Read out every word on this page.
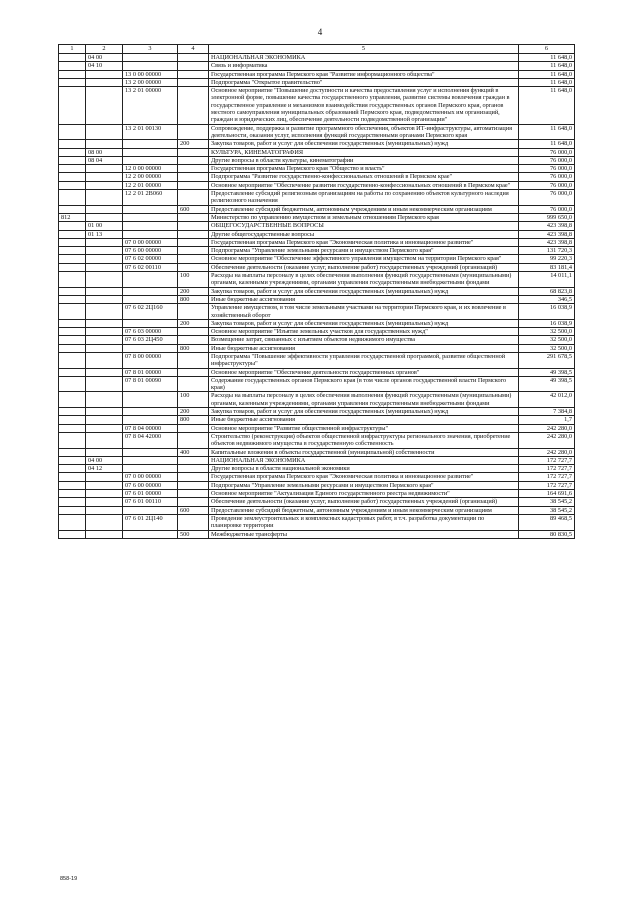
4
1	2	3	4	5	6
	04 00			НАЦИОНАЛЬНАЯ ЭКОНОМИКА	11 648,0
	04 10			Связь и информатика	11 648,0
		13 0 00 00000		Государственная программа Пермского края "Развитие информационного общества"	11 648,0
		13 2 00 00000		Подпрограмма "Открытое правительство"	11 648,0
		13 2 01 00000		Основное мероприятие "Повышение доступности и качества предоставления услуг и исполнения функций в электронной форме, повышение качества государственного управления, развитие системы вовлечения граждан в государственное управление и механизмов взаимодействия государственных органов Пермского края, органов местного самоуправления муниципальных образований Пермского края, подведомственных им организаций, граждан и юридических лиц, обеспечение деятельности подведомственной организации"	11 648,0
		13 2 01 00130		Сопровождение, поддержка и развитие программного обеспечения, объектов ИТ-инфраструктуры, автоматизация деятельности, оказания услуг, исполнения функций государственными органами Пермского края	11 648,0
			200	Закупка товаров, работ и услуг для обеспечения государственных (муниципальных) нужд	11 648,0
	08 00			КУЛЬТУРА, КИНЕМАТОГРАФИЯ	76 000,0
	08 04			Другие вопросы в области культуры, кинематографии	76 000,0
		12 0 00 00000		Государственная программа Пермского края "Общество и власть"	76 000,0
		12 2 00 00000		Подпрограмма "Развитие государственно-конфессиональных отношений в Пермском крае"	76 000,0
		12 2 01 00000		Основное мероприятие "Обеспечение развития государственно-конфессиональных отношений в Пермском крае"	76 000,0
		12 2 01 2В060		Предоставление субсидий религиозным организациям на работы по сохранению объектов культурного наследия религиозного назначения	76 000,0
			600	Предоставление субсидий бюджетным, автономным учреждениям и иным некоммерческим организациям	76 000,0
812				Министерство по управлению имуществом и земельным отношениям Пермского края	999 650,0
	01 00			ОБЩЕГОСУДАРСТВЕННЫЕ ВОПРОСЫ	423 398,8
	01 13			Другие общегосударственные вопросы	423 398,8
		07 0 00 00000		Государственная программа Пермского края "Экономическая политика и инновационное развитие"	423 398,8
		07 6 00 00000		Подпрограмма "Управление земельными ресурсами и имуществом Пермского края"	131 720,3
		07 6 02 00000		Основное мероприятие "Обеспечение эффективного управления имуществом на территории Пермского края"	99 220,3
		07 6 02 00110		Обеспечение деятельности (оказание услуг, выполнение работ) государственных учреждений (организаций)	83 181,4
			100	Расходы на выплаты персоналу в целях обеспечения выполнения функций государственными (муниципальными) органами, казенными учреждениями, органами управления государственными внебюджетными фондами	14 011,1
			200	Закупка товаров, работ и услуг для обеспечения государственных (муниципальных) нужд	68 823,8
			800	Иные бюджетные ассигнования	346,5
		07 6 02 2Ц160		Управление имуществом, в том числе земельными участками на территории Пермского края, и их вовлечение в хозяйственный оборот	16 038,9
			200	Закупка товаров, работ и услуг для обеспечения государственных (муниципальных) нужд	16 038,9
		07 6 03 00000		Основное мероприятие "Изъятие земельных участков для государственных нужд"	32 500,0
		07 6 03 2Ц450		Возмещение затрат, связанных с изъятием объектов недвижимого имущества	32 500,0
			800	Иные бюджетные ассигнования	32 500,0
		07 8 00 00000		Подпрограмма "Повышение эффективности управления государственной программой, развитие общественной инфраструктуры"	291 678,5
		07 8 01 00000		Основное мероприятие "Обеспечение деятельности государственных органов"	49 398,5
		07 8 01 00090		Содержание государственных органов Пермского края (в том числе органов государственной власти Пермского края)	49 398,5
			100	Расходы на выплаты персоналу в целях обеспечения выполнения функций государственными (муниципальными) органами, казенными учреждениями, органами управления государственными внебюджетными фондами	42 012,0
			200	Закупка товаров, работ и услуг для обеспечения государственных (муниципальных) нужд	7 384,8
			800	Иные бюджетные ассигнования	1,7
		07 8 04 00000		Основное мероприятие "Развитие общественной инфраструктуры"	242 280,0
		07 8 04 42000		Строительство (реконструкция) объектов общественной инфраструктуры регионального значения, приобретение объектов недвижимого имущества в государственную собственность	242 280,0
			400	Капитальные вложения в объекты государственной (муниципальной) собственности	242 280,0
	04 00			НАЦИОНАЛЬНАЯ ЭКОНОМИКА	172 727,7
	04 12			Другие вопросы в области национальной экономики	172 727,7
		07 0 00 00000		Государственная программа Пермского края "Экономическая политика и инновационное развитие"	172 727,7
		07 6 00 00000		Подпрограмма "Управление земельными ресурсами и имуществом Пермского края"	172 727,7
		07 6 01 00000		Основное мероприятие "Актуализация Единого государственного реестра недвижимости"	164 691,6
		07 6 01 00110		Обеспечение деятельности (оказание услуг, выполнение работ) государственных учреждений (организаций)	38 545,2
			600	Предоставление субсидий бюджетным, автономным учреждениям и иным некоммерческим организациям	38 545,2
		07 6 01 2Ц140		Проведение землеустроительных и комплексных кадастровых работ, в т.ч. разработка документации по планировке территории	89 468,5
			500	Межбюджетные трансферты	80 830,5
858-19
